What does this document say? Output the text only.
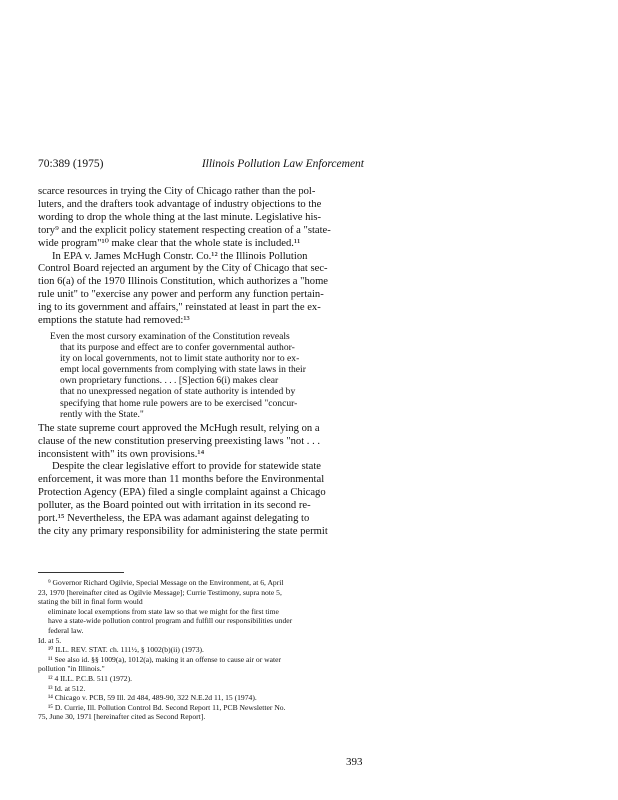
70:389 (1975)	Illinois Pollution Law Enforcement
scarce resources in trying the City of Chicago rather than the pol-
luters, and the drafters took advantage of industry objections to the
wording to drop the whole thing at the last minute. Legislative his-
tory⁹ and the explicit policy statement respecting creation of a "state-
wide program"¹⁰ make clear that the whole state is included.¹¹
In EPA v. James McHugh Constr. Co.¹² the Illinois Pollution
Control Board rejected an argument by the City of Chicago that sec-
tion 6(a) of the 1970 Illinois Constitution, which authorizes a "home
rule unit" to "exercise any power and perform any function pertain-
ing to its government and affairs," reinstated at least in part the ex-
emptions the statute had removed:¹³
Even the most cursory examination of the Constitution reveals
that its purpose and effect are to confer governmental author-
ity on local governments, not to limit state authority nor to ex-
empt local governments from complying with state laws in their
own proprietary functions. . . . [S]ection 6(i) makes clear
that no unexpressed negation of state authority is intended by
specifying that home rule powers are to be exercised "concur-
rently with the State."
The state supreme court approved the McHugh result, relying on a
clause of the new constitution preserving preexisting laws "not . . .
inconsistent with" its own provisions.¹⁴
Despite the clear legislative effort to provide for statewide state
enforcement, it was more than 11 months before the Environmental
Protection Agency (EPA) filed a single complaint against a Chicago
polluter, as the Board pointed out with irritation in its second re-
port.¹⁵ Nevertheless, the EPA was adamant against delegating to
the city any primary responsibility for administering the state permit
⁹ Governor Richard Ogilvie, Special Message on the Environment, at 6, April
23, 1970 [hereinafter cited as Ogilvie Message]; Currie Testimony, supra note 5,
stating the bill in final form would
eliminate local exemptions from state law so that we might for the first time
have a state-wide pollution control program and fulfill our responsibilities under
federal law.
Id. at 5.
¹⁰ ILL. REV. STAT. ch. 111½, § 1002(b)(ii) (1973).
¹¹ See also id. §§ 1009(a), 1012(a), making it an offense to cause air or water
pollution "in Illinois."
¹² 4 ILL. P.C.B. 511 (1972).
¹³ Id. at 512.
¹⁴ Chicago v. PCB, 59 Ill. 2d 484, 489-90, 322 N.E.2d 11, 15 (1974).
¹⁵ D. Currie, Ill. Pollution Control Bd. Second Report 11, PCB Newsletter No.
75, June 30, 1971 [hereinafter cited as Second Report].
393
